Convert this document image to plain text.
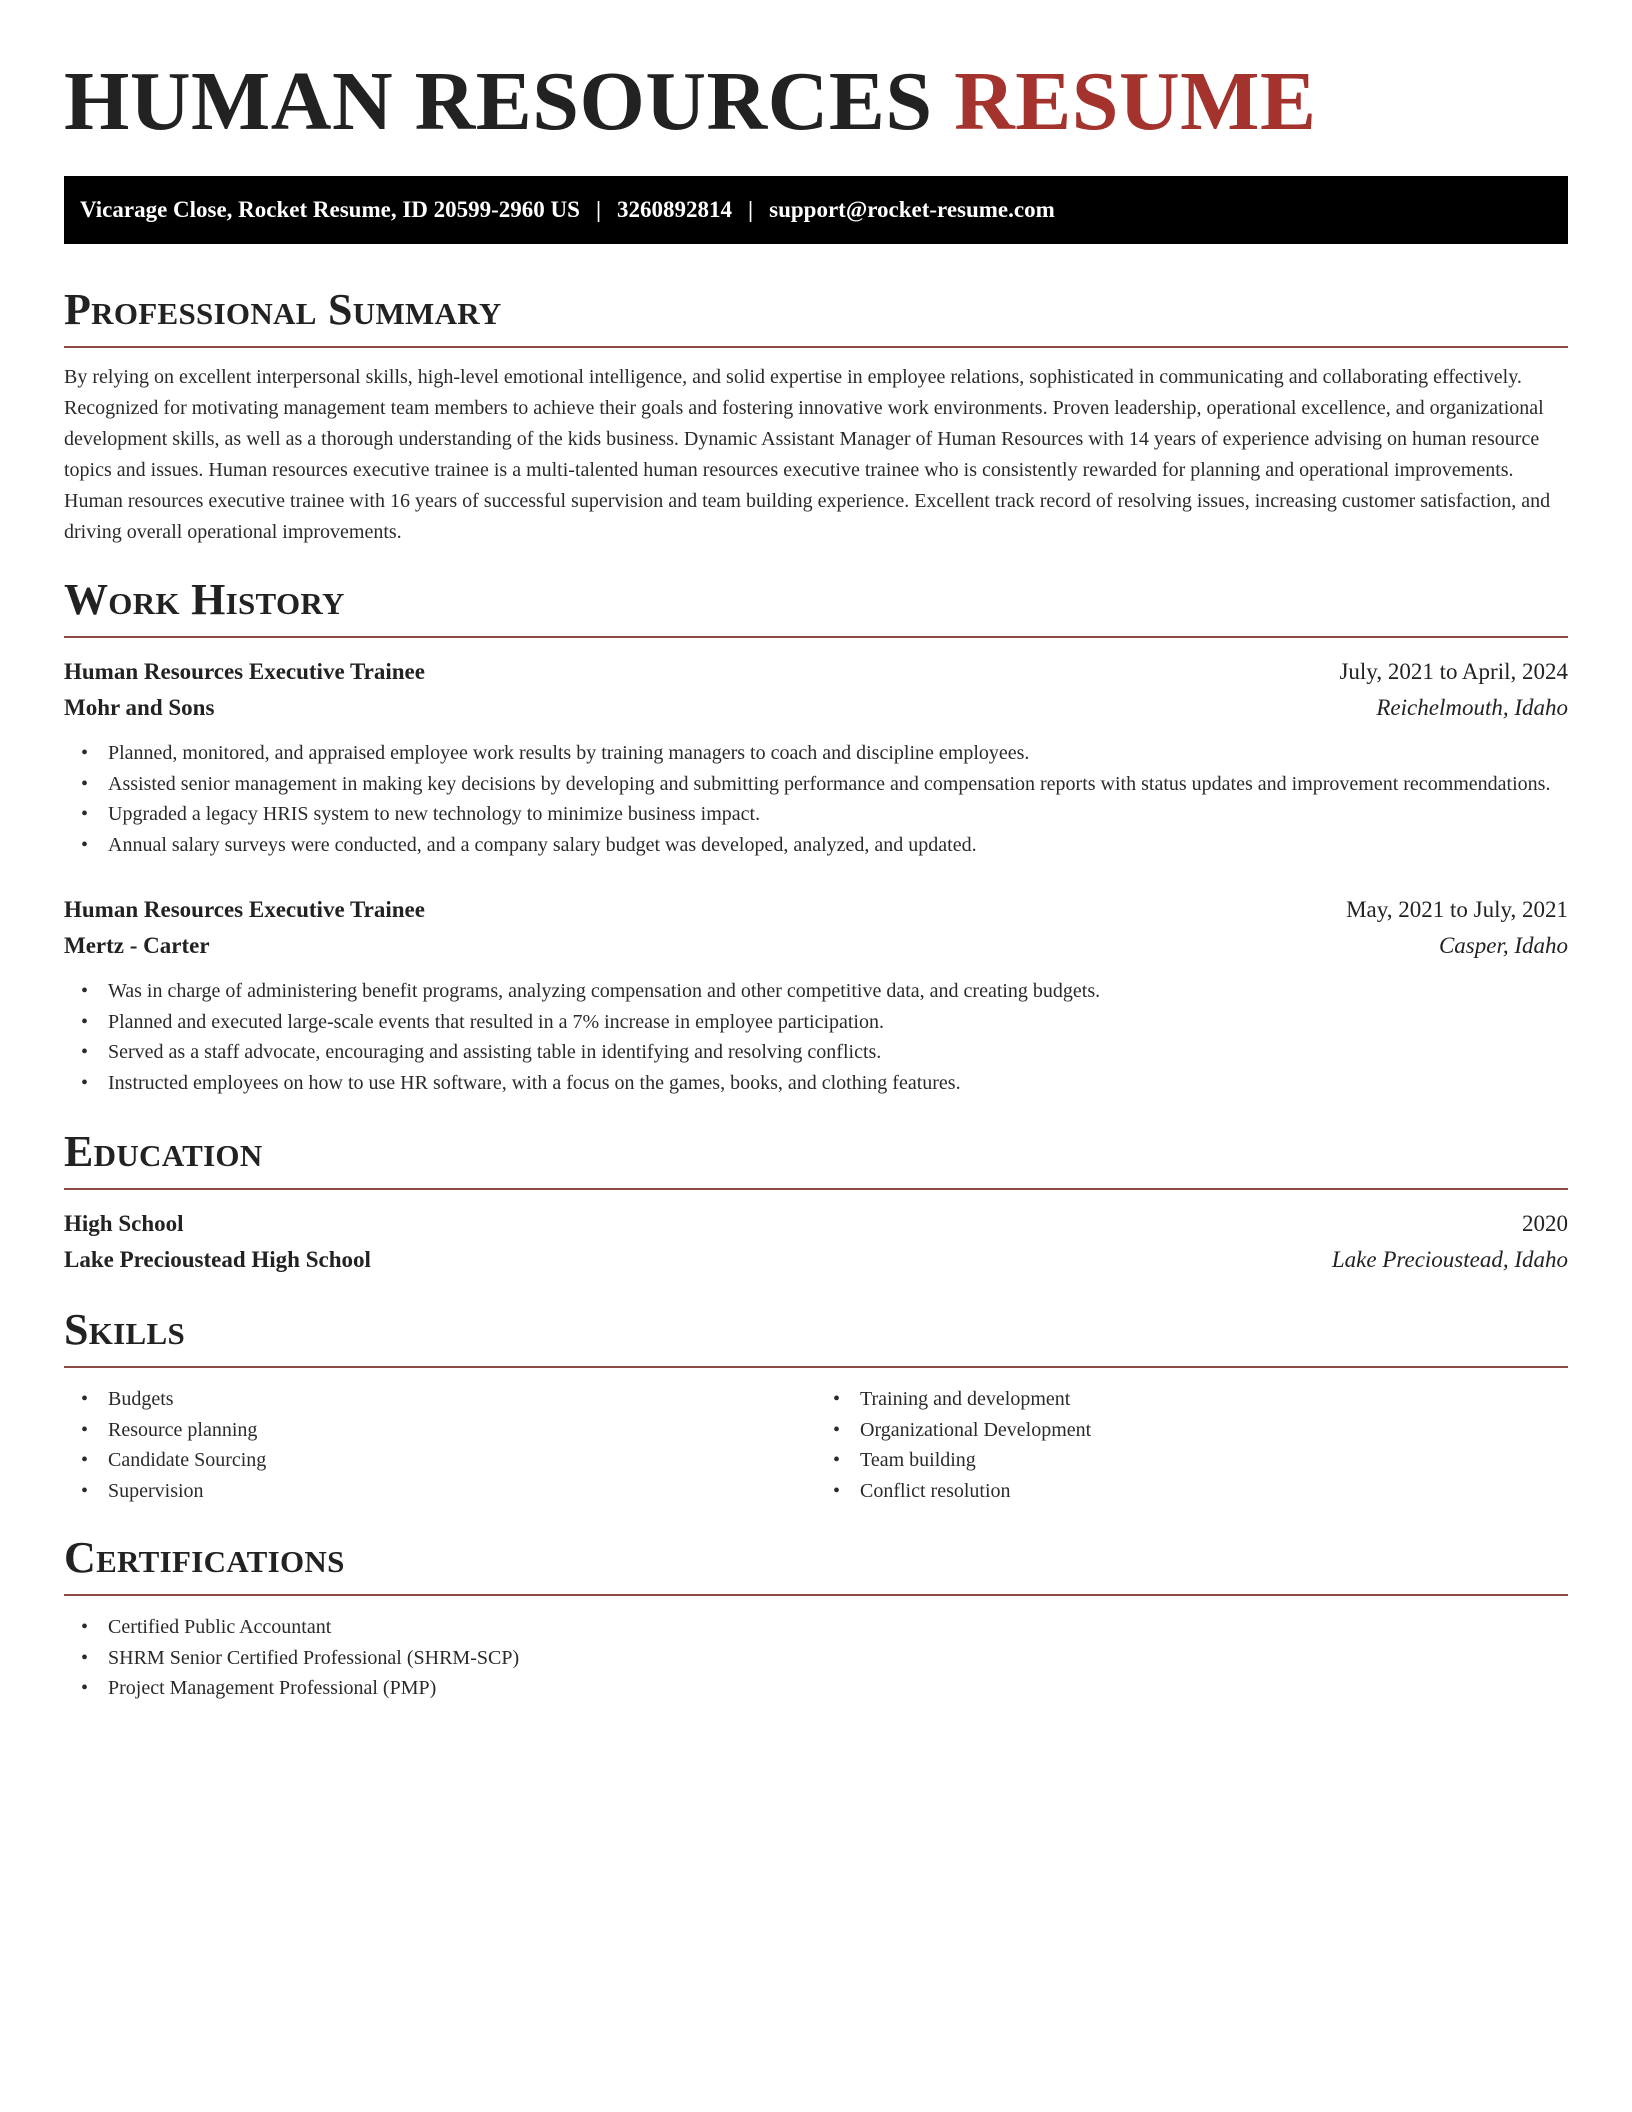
HUMAN RESOURCES RESUME
Vicarage Close, Rocket Resume, ID 20599-2960 US | 3260892814 | support@rocket-resume.com
Professional Summary

By relying on excellent interpersonal skills, high-level emotional intelligence, and solid expertise in employee relations, sophisticated in communicating and collaborating effectively. Recognized for motivating management team members to achieve their goals and fostering innovative work environments. Proven leadership, operational excellence, and organizational development skills, as well as a thorough understanding of the kids business. Dynamic Assistant Manager of Human Resources with 14 years of experience advising on human resource topics and issues. Human resources executive trainee is a multi-talented human resources executive trainee who is consistently rewarded for planning and operational improvements. Human resources executive trainee with 16 years of successful supervision and team building experience. Excellent track record of resolving issues, increasing customer satisfaction, and driving overall operational improvements.

Work History
Human Resources Executive Trainee	July, 2021 to April, 2024
Mohr and Sons	Reichelmouth, Idaho
• Planned, monitored, and appraised employee work results by training managers to coach and discipline employees.
• Assisted senior management in making key decisions by developing and submitting performance and compensation reports with status updates and improvement recommendations.
• Upgraded a legacy HRIS system to new technology to minimize business impact.
• Annual salary surveys were conducted, and a company salary budget was developed, analyzed, and updated.
Human Resources Executive Trainee	May, 2021 to July, 2021
Mertz - Carter	Casper, Idaho
• Was in charge of administering benefit programs, analyzing compensation and other competitive data, and creating budgets.
• Planned and executed large-scale events that resulted in a 7% increase in employee participation.
• Served as a staff advocate, encouraging and assisting table in identifying and resolving conflicts.
• Instructed employees on how to use HR software, with a focus on the games, books, and clothing features.
Education
High School	2020
Lake Precioustead High School	Lake Precioustead, Idaho
Skills
• Budgets
• Resource planning
• Candidate Sourcing
• Supervision
• Training and development
• Organizational Development
• Team building
• Conflict resolution
Certifications
• Certified Public Accountant
• SHRM Senior Certified Professional (SHRM-SCP)
• Project Management Professional (PMP)
